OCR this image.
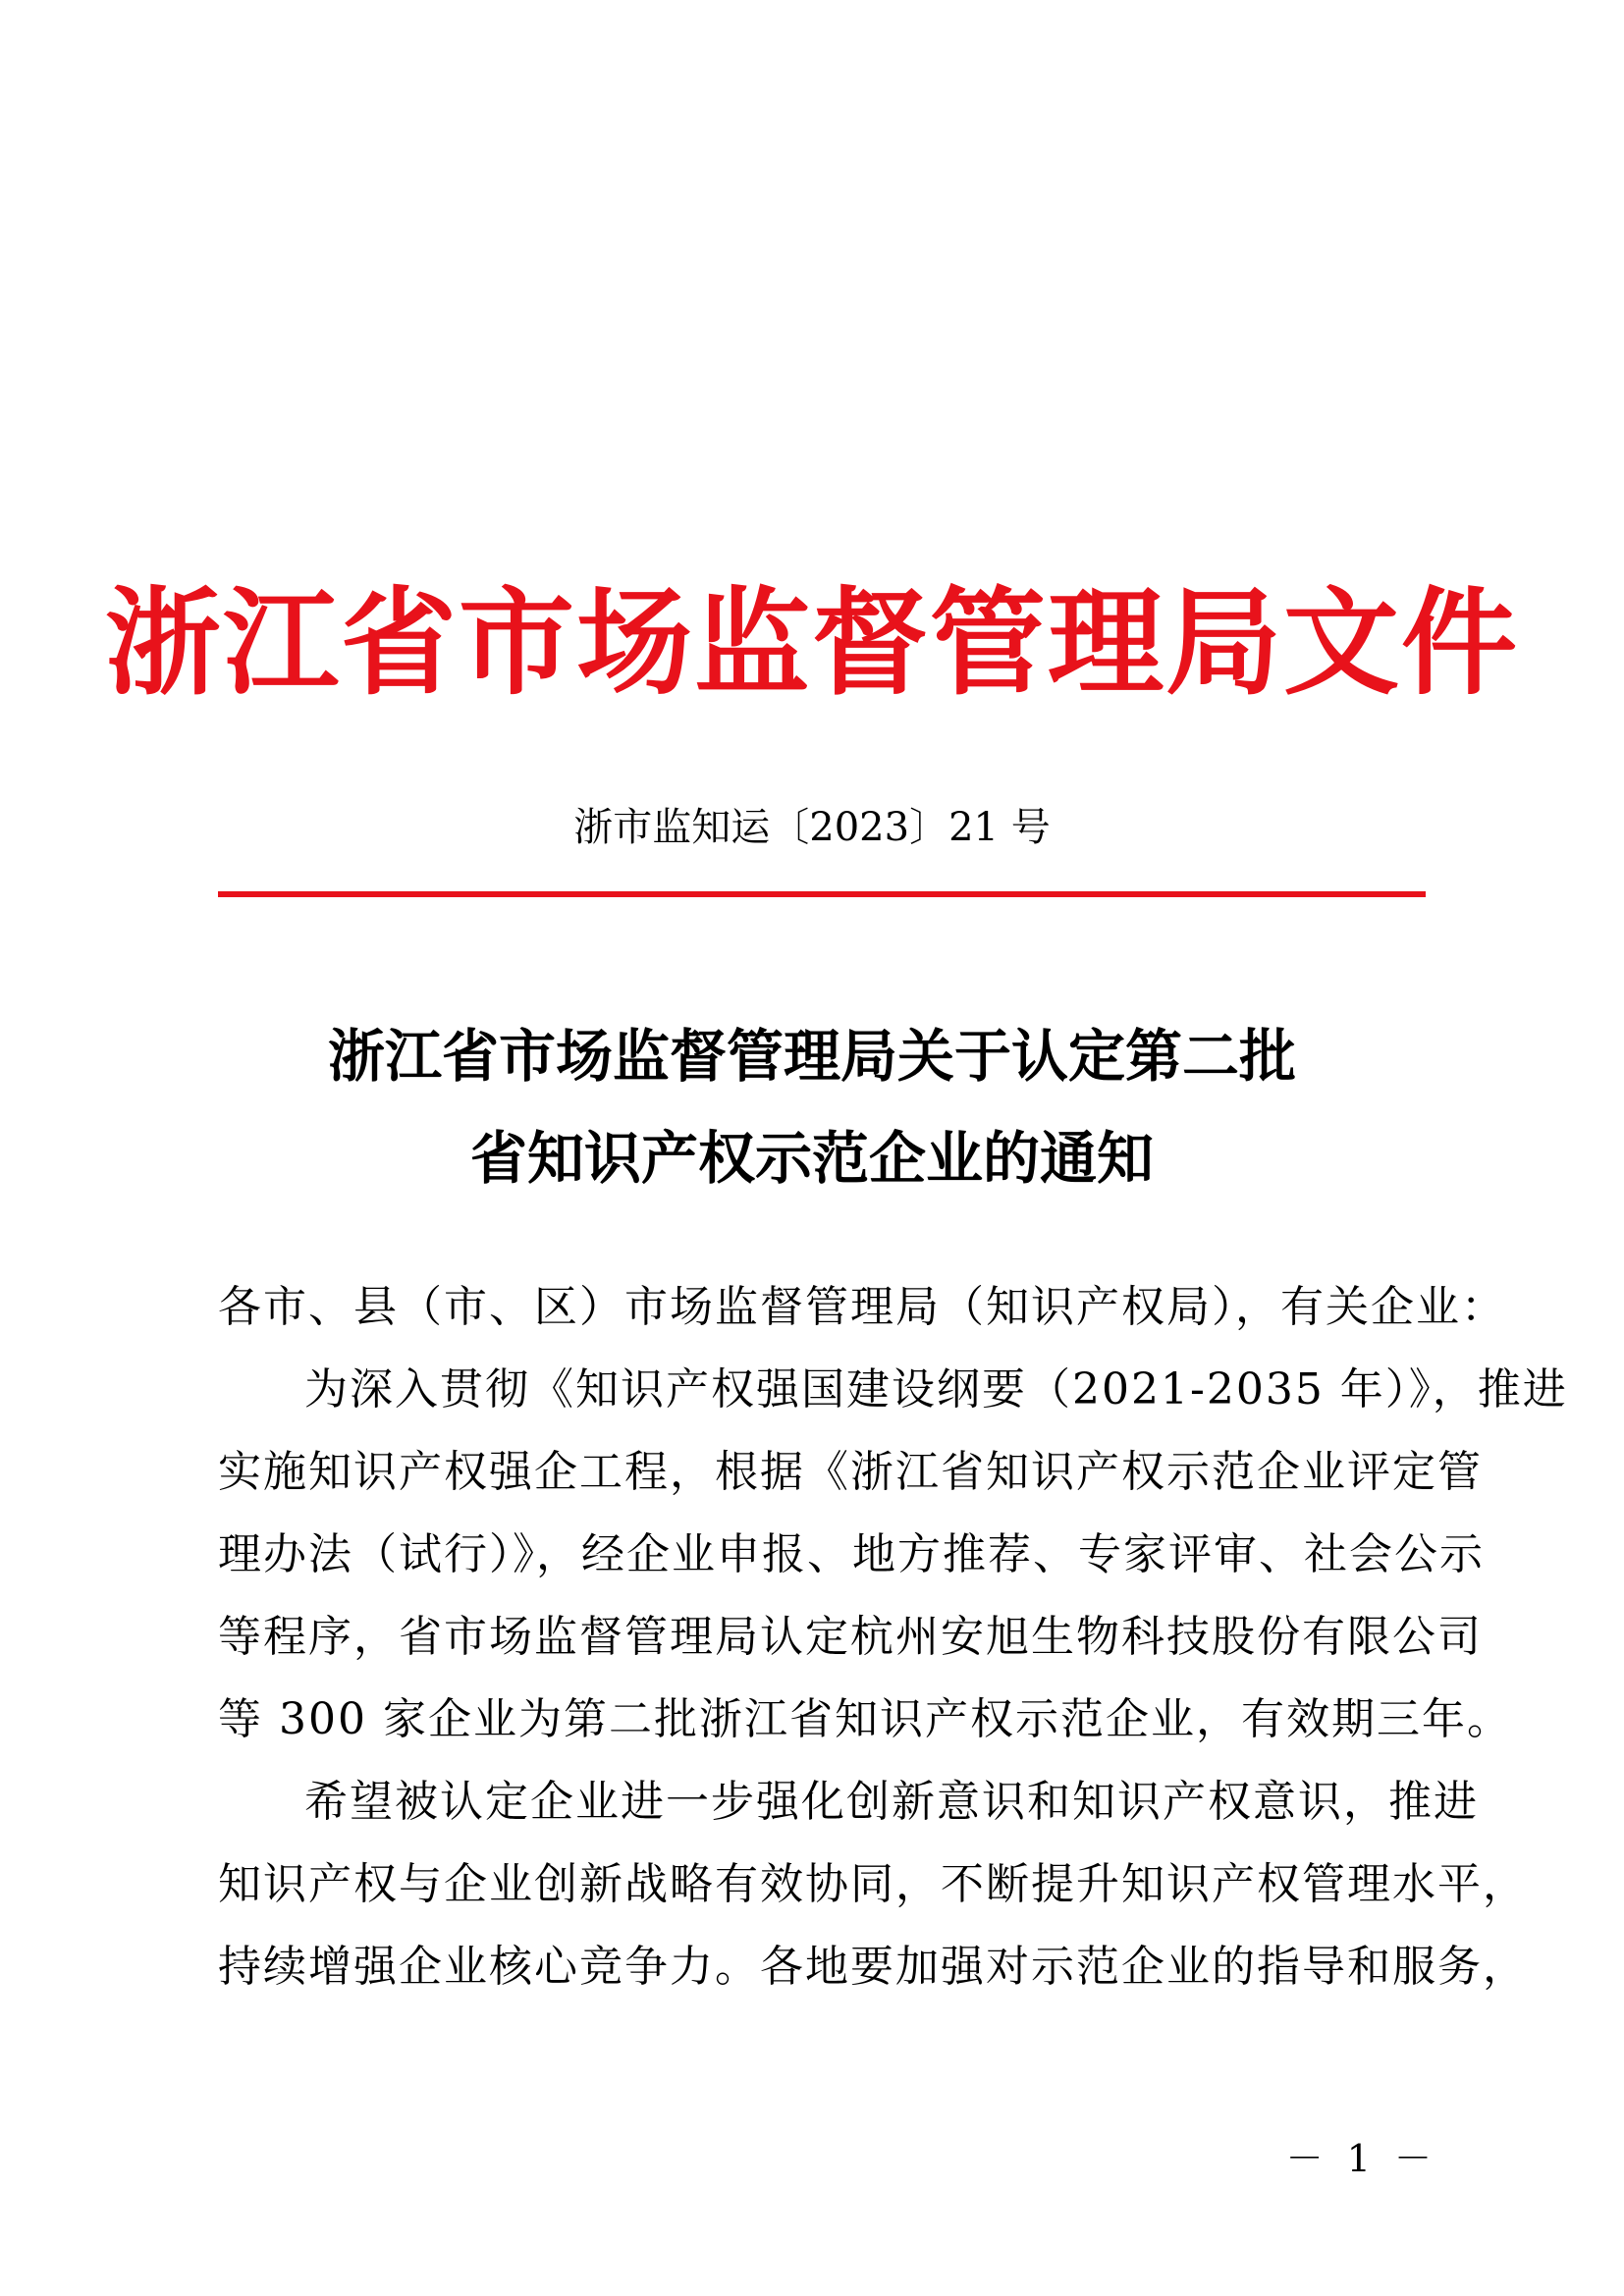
浙江省市场监督管理局文件
浙市监知运〔2023〕21 号
浙江省市场监督管理局关于认定第二批
省知识产权示范企业的通知
各市、县（市、区）市场监督管理局（知识产权局），有关企业：
为深入贯彻《知识产权强国建设纲要（2021-2035 年）》，推进
实施知识产权强企工程，根据《浙江省知识产权示范企业评定管
理办法（试行）》，经企业申报、地方推荐、专家评审、社会公示
等程序，省市场监督管理局认定杭州安旭生物科技股份有限公司
等 300 家企业为第二批浙江省知识产权示范企业，有效期三年。
希望被认定企业进一步强化创新意识和知识产权意识，推进
知识产权与企业创新战略有效协同，不断提升知识产权管理水平，
持续增强企业核心竞争力。各地要加强对示范企业的指导和服务，
－ 1 －
